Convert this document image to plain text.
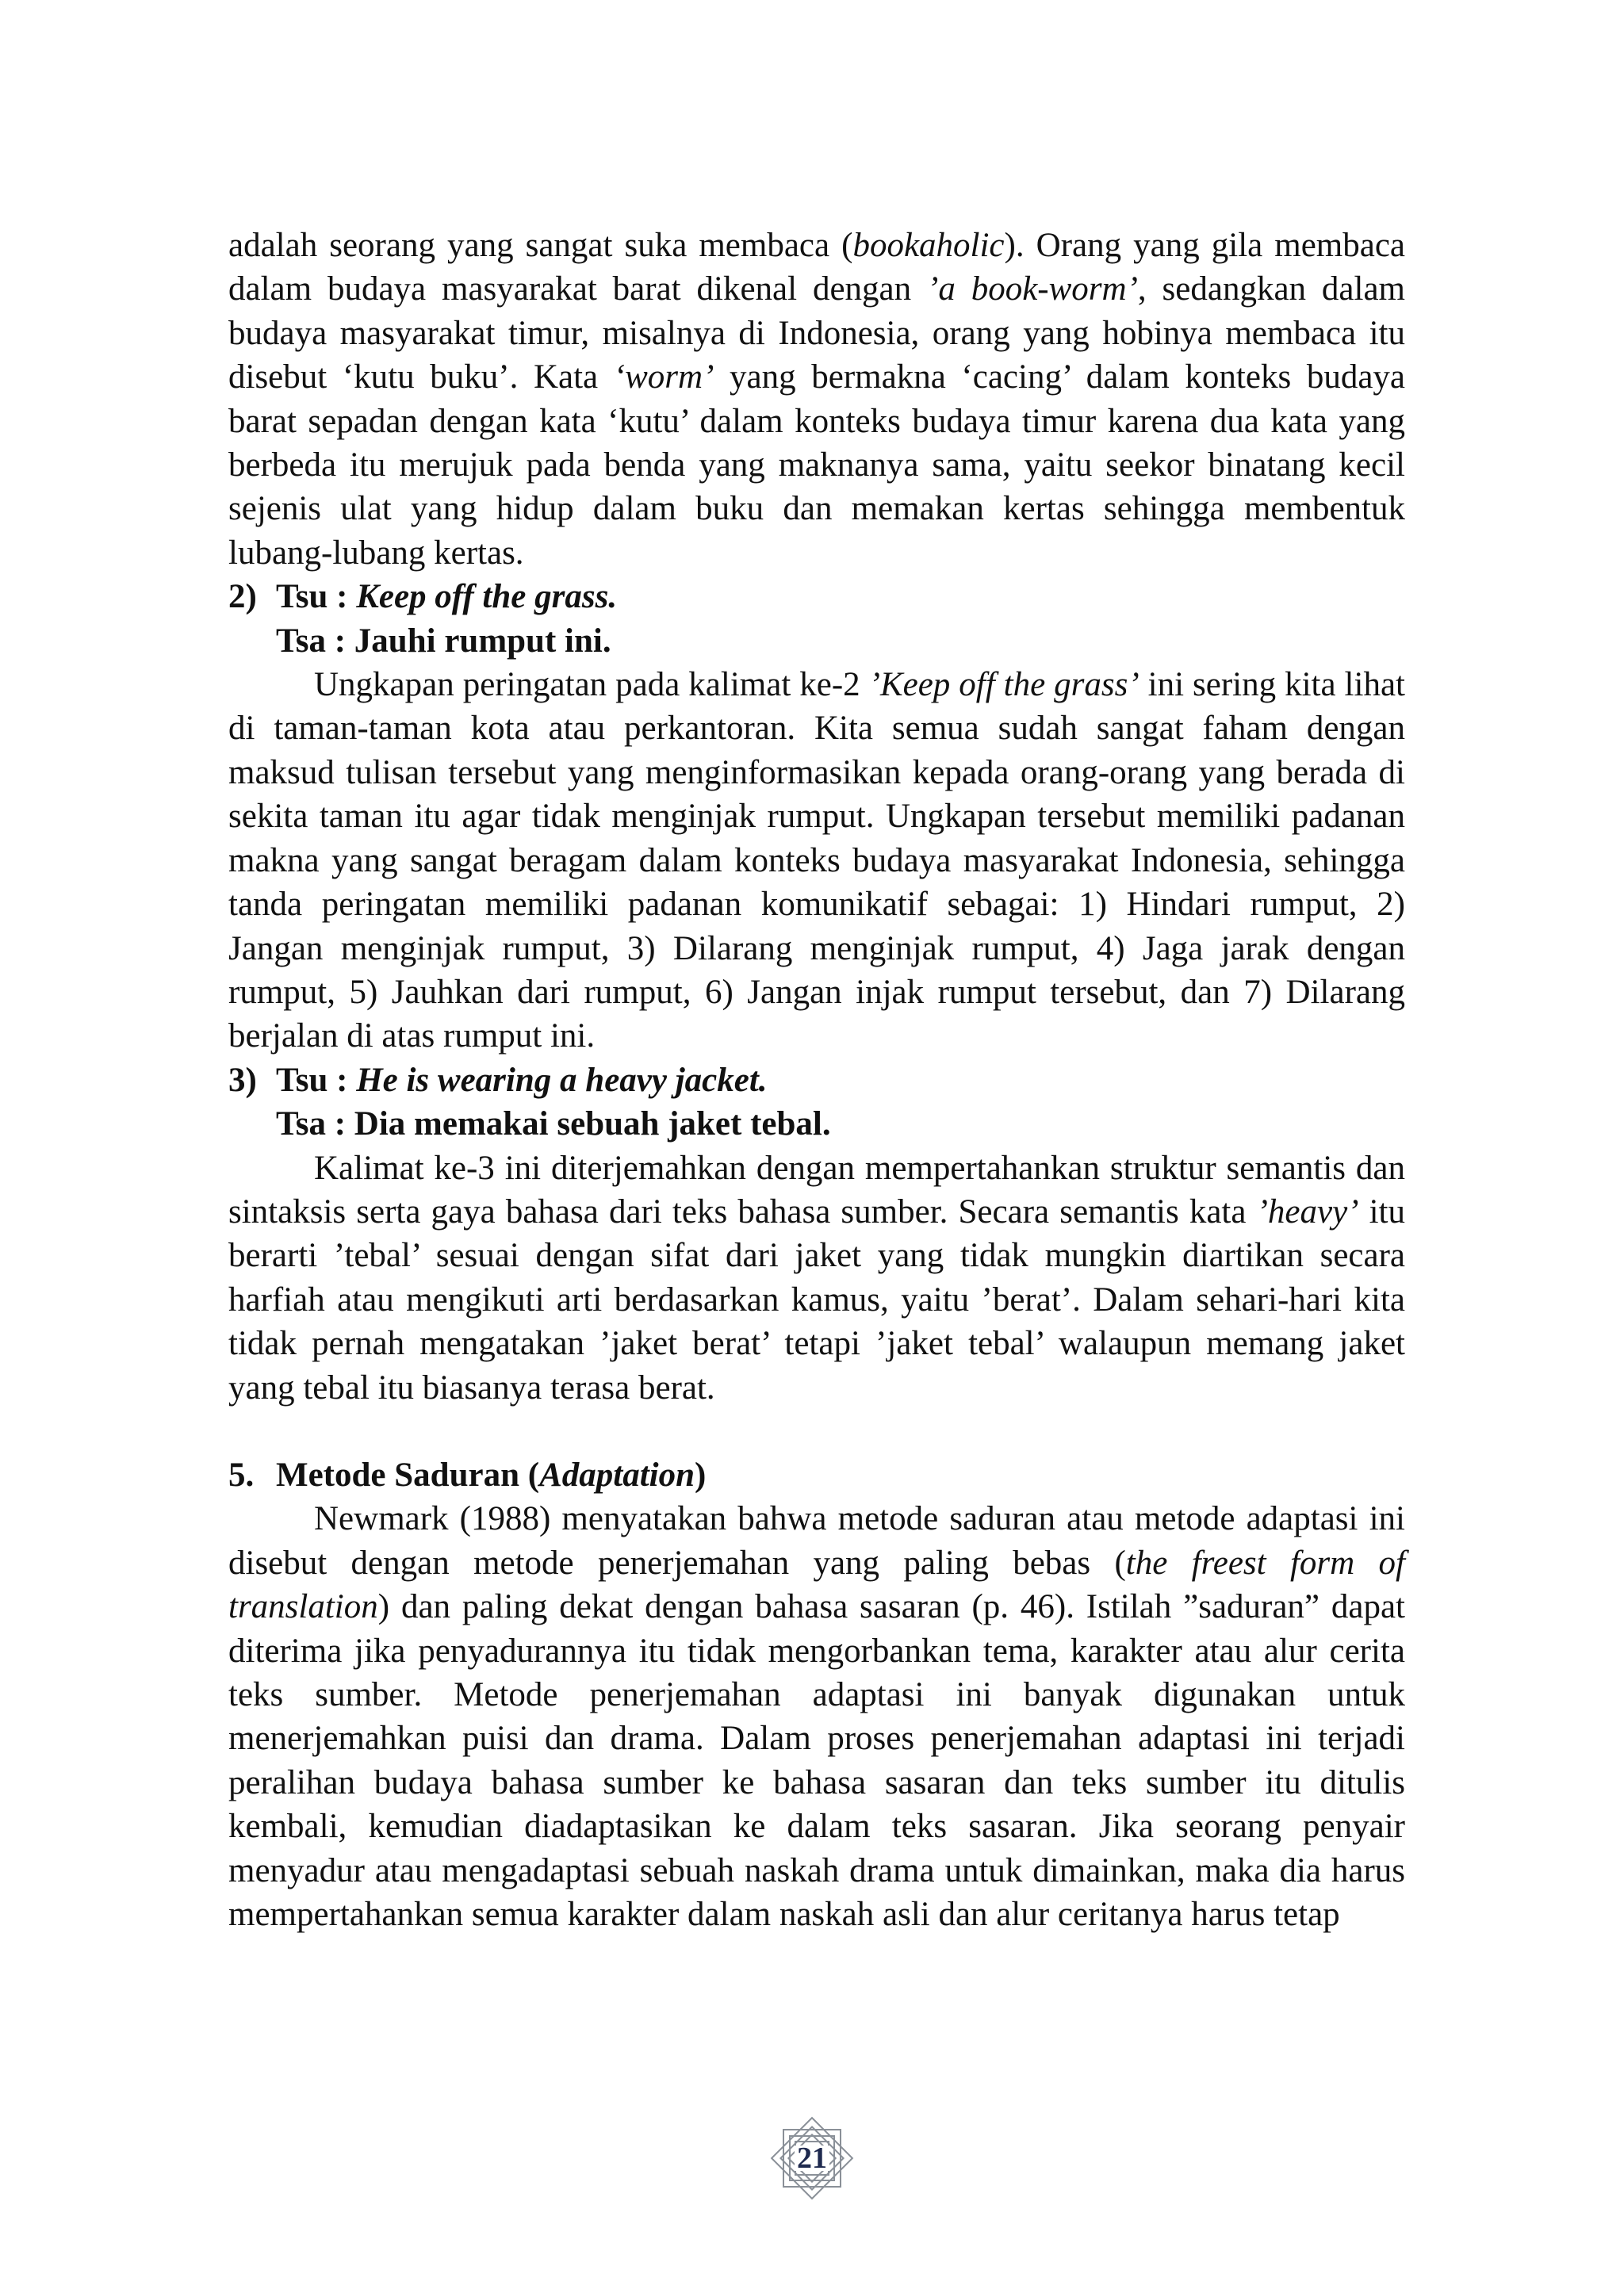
adalah seorang yang sangat suka membaca (bookaholic). Orang yang gila membaca dalam budaya masyarakat barat dikenal dengan ’a book-worm’, sedangkan dalam budaya masyarakat timur, misalnya di Indonesia, orang yang hobinya membaca itu disebut ‘kutu buku’. Kata ‘worm’ yang bermakna ‘cacing’ dalam konteks budaya barat sepadan dengan kata ‘kutu’ dalam konteks budaya timur karena dua kata yang berbeda itu merujuk pada benda yang maknanya sama, yaitu seekor binatang kecil sejenis ulat yang hidup dalam buku dan memakan kertas sehingga membentuk lubang-lubang kertas.

2) Tsu : Keep off the grass.

Tsa : Jauhi rumput ini.

Ungkapan peringatan pada kalimat ke-2 ’Keep off the grass’ ini sering kita lihat di taman-taman kota atau perkantoran. Kita semua sudah sangat faham dengan maksud tulisan tersebut yang menginformasikan kepada orang-orang yang berada di sekita taman itu agar tidak menginjak rumput. Ungkapan tersebut memiliki padanan makna yang sangat beragam dalam konteks budaya masyarakat Indonesia, sehingga tanda peringatan memiliki padanan komunikatif sebagai: 1) Hindari rumput, 2) Jangan menginjak rumput, 3) Dilarang menginjak rumput, 4) Jaga jarak dengan rumput, 5) Jauhkan dari rumput, 6) Jangan injak rumput tersebut, dan 7) Dilarang berjalan di atas rumput ini.

3) Tsu : He is wearing a heavy jacket.

Tsa : Dia memakai sebuah jaket tebal.

Kalimat ke-3 ini diterjemahkan dengan mempertahankan struktur semantis dan sintaksis serta gaya bahasa dari teks bahasa sumber. Secara semantis kata ’heavy’ itu berarti ’tebal’ sesuai dengan sifat dari jaket yang tidak mungkin diartikan secara harfiah atau mengikuti arti berdasarkan kamus, yaitu ’berat’. Dalam sehari-hari kita tidak pernah mengatakan ’jaket berat’ tetapi ’jaket tebal’ walaupun memang jaket yang tebal itu biasanya terasa berat.

5. Metode Saduran (Adaptation)

Newmark (1988) menyatakan bahwa metode saduran atau metode adaptasi ini disebut dengan metode penerjemahan yang paling bebas (the freest form of translation) dan paling dekat dengan bahasa sasaran (p. 46). Istilah ”saduran” dapat diterima jika penyadurannya itu tidak mengorbankan tema, karakter atau alur cerita teks sumber. Metode penerjemahan adaptasi ini banyak digunakan untuk menerjemahkan puisi dan drama. Dalam proses penerjemahan adaptasi ini terjadi peralihan budaya bahasa sumber ke bahasa sasaran dan teks sumber itu ditulis kembali, kemudian diadaptasikan ke dalam teks sasaran. Jika seorang penyair menyadur atau mengadaptasi sebuah naskah drama untuk dimainkan, maka dia harus mempertahankan semua karakter dalam naskah asli dan alur ceritanya harus tetap

21
